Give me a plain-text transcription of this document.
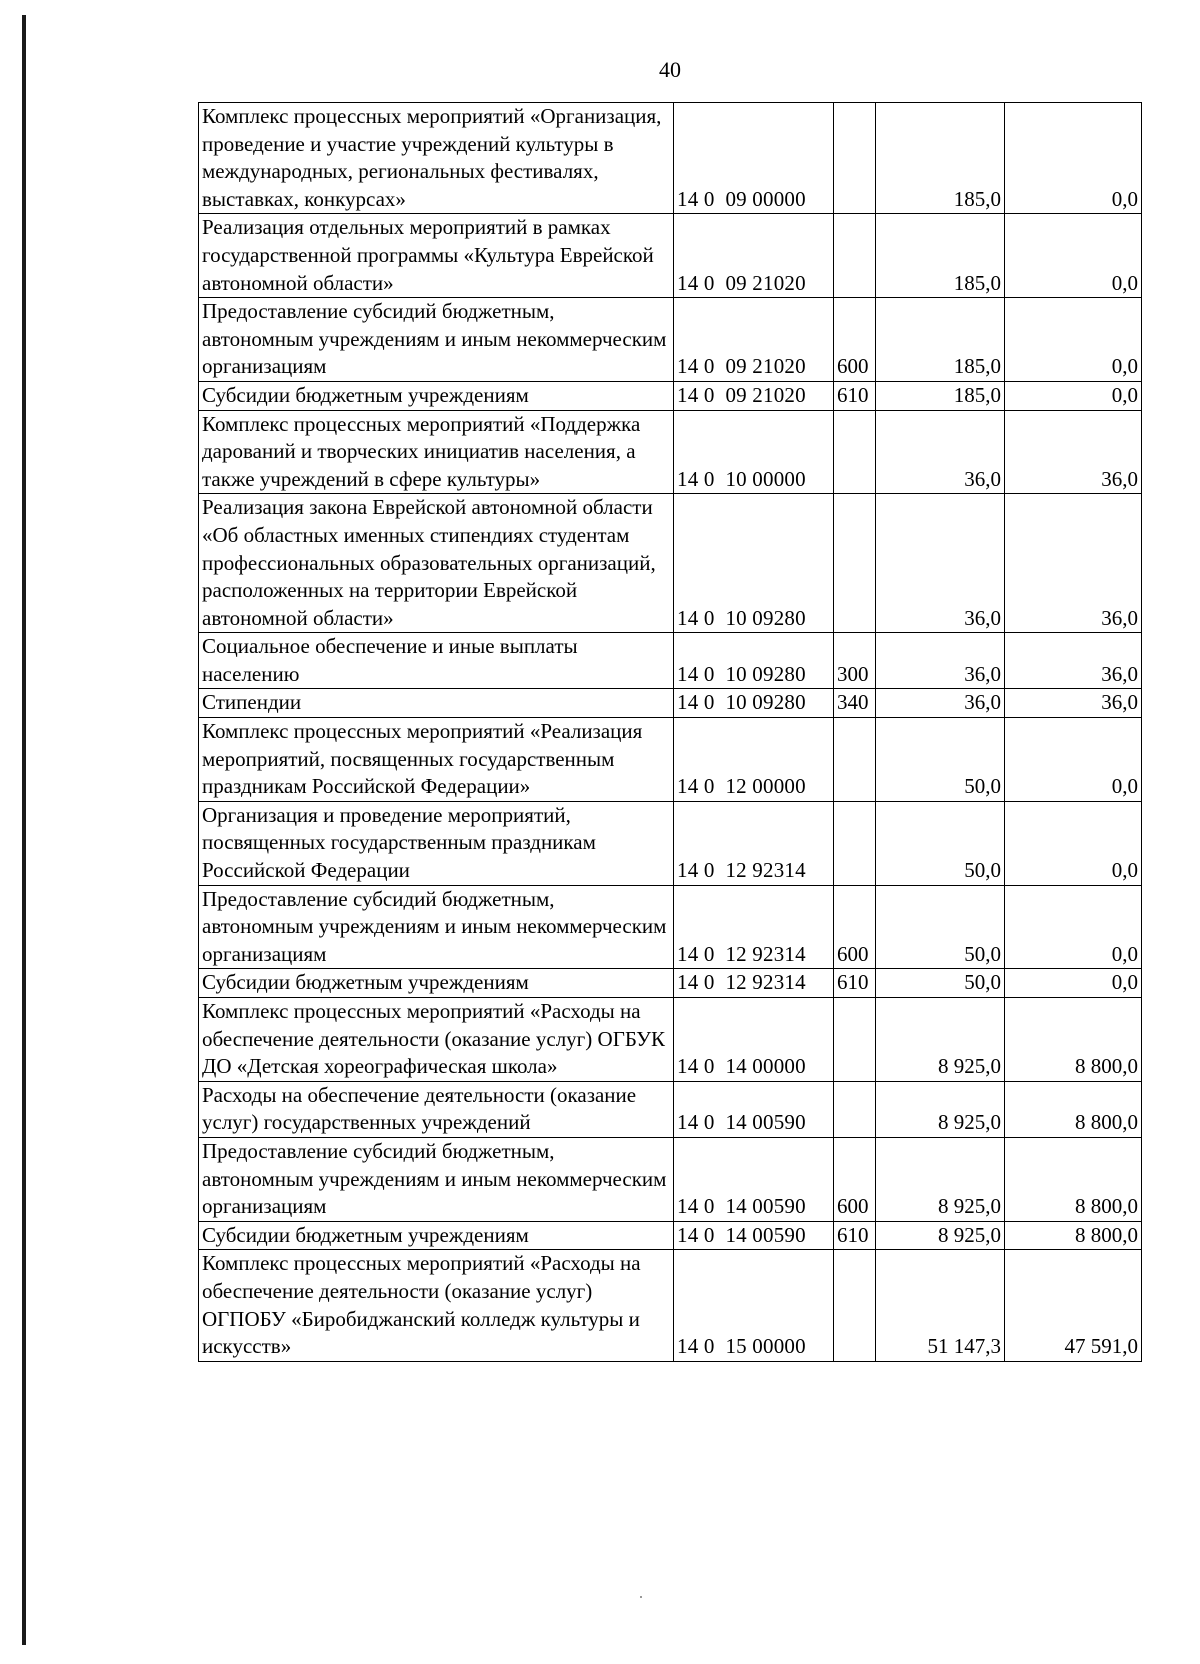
40
Комплекс процессных мероприятий «Организация, проведение и участие учреждений культуры в международных, региональных фестивалях, выставках, конкурсах»	14 0  09 00000		185,0	0,0
Реализация отдельных мероприятий в рамках государственной программы «Культура Еврейской автономной области»	14 0  09 21020		185,0	0,0
Предоставление субсидий бюджетным, автономным учреждениям и иным некоммерческим организациям	14 0  09 21020	600	185,0	0,0
Субсидии бюджетным учреждениям	14 0  09 21020	610	185,0	0,0
Комплекс процессных мероприятий «Поддержка дарований и творческих инициатив населения, а также учреждений в сфере культуры»	14 0  10 00000		36,0	36,0
Реализация закона Еврейской автономной области «Об областных именных стипендиях студентам профессиональных образовательных организаций, расположенных на территории Еврейской автономной области»	14 0  10 09280		36,0	36,0
Социальное обеспечение и иные выплаты населению	14 0  10 09280	300	36,0	36,0
Стипендии	14 0  10 09280	340	36,0	36,0
Комплекс процессных мероприятий «Реализация мероприятий, посвященных государственным праздникам Российской Федерации»	14 0  12 00000		50,0	0,0
Организация и проведение мероприятий, посвященных государственным праздникам Российской Федерации	14 0  12 92314		50,0	0,0
Предоставление субсидий бюджетным, автономным учреждениям и иным некоммерческим организациям	14 0  12 92314	600	50,0	0,0
Субсидии бюджетным учреждениям	14 0  12 92314	610	50,0	0,0
Комплекс процессных мероприятий «Расходы на обеспечение деятельности (оказание услуг) ОГБУК ДО «Детская хореографическая школа»	14 0  14 00000		8 925,0	8 800,0
Расходы на обеспечение деятельности (оказание услуг) государственных учреждений	14 0  14 00590		8 925,0	8 800,0
Предоставление субсидий бюджетным, автономным учреждениям и иным некоммерческим организациям	14 0  14 00590	600	8 925,0	8 800,0
Субсидии бюджетным учреждениям	14 0  14 00590	610	8 925,0	8 800,0
Комплекс процессных мероприятий «Расходы на обеспечение деятельности (оказание услуг) ОГПОБУ «Биробиджанский колледж культуры и искусств»	14 0  15 00000		51 147,3	47 591,0
